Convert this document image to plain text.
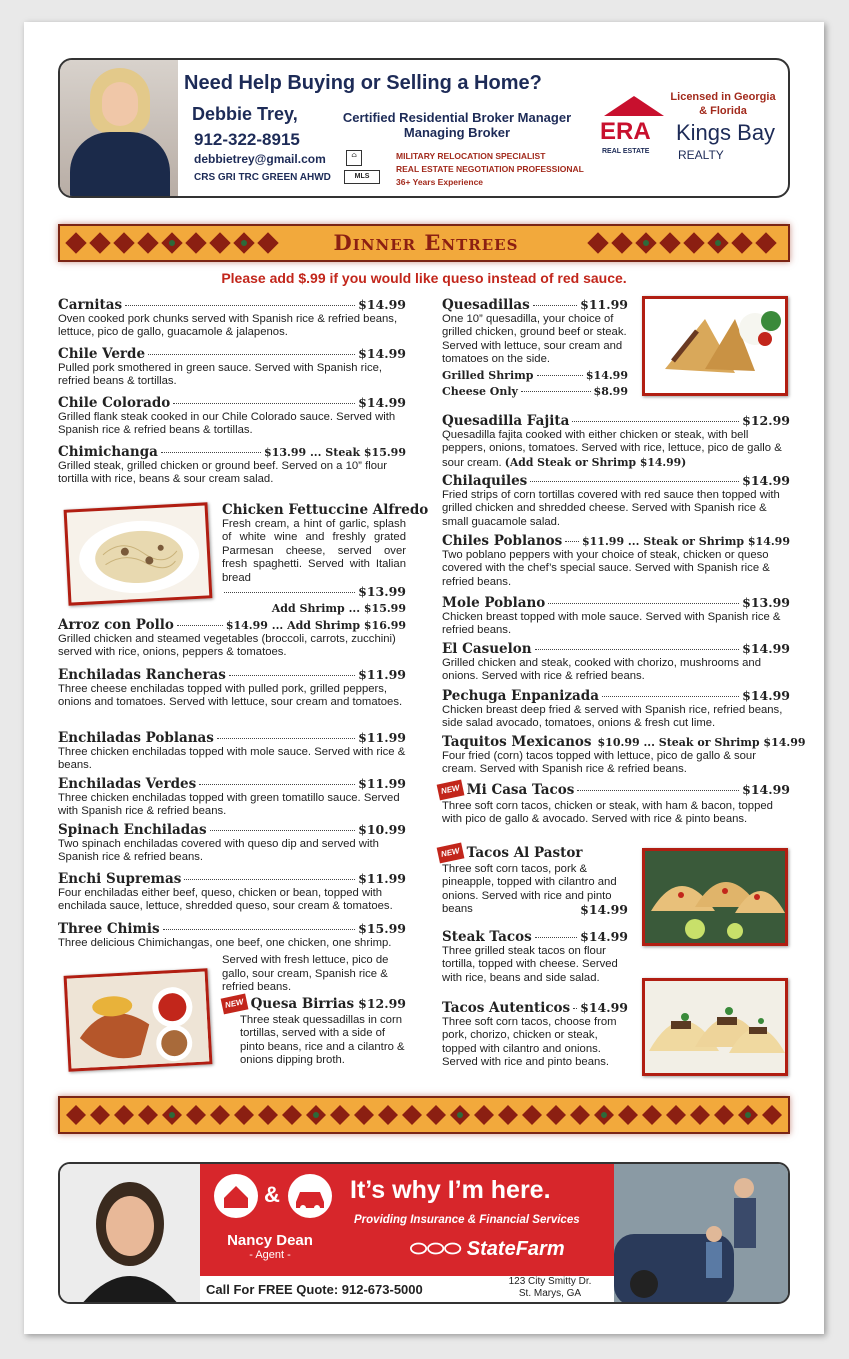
Need Help Buying or Selling a Home?
Debbie Trey,	Certified Residential Broker Manager
Managing Broker
912-322-8915
debbietrey@gmail.com
CRS GRI TRC GREEN AHWD
⌂
MLS
MILITARY RELOCATION SPECIALIST
REAL ESTATE NEGOTIATION PROFESSIONAL
36+ Years Experience
Licensed in Georgia
& Florida
ERA
REAL ESTATE
Kings Bay
REALTY
Dinner Entrees
Please add $.99 if you would like queso instead of red sauce.
Carnitas	$14.99
Oven cooked pork chunks served with Spanish rice & refried beans, lettuce, pico de gallo, guacamole & jalapenos.
Chile Verde	$14.99
Pulled pork smothered in green sauce. Served with Spanish rice, refried beans & tortillas.
Chile Colorado	$14.99
Grilled flank steak cooked in our Chile Colorado sauce. Served with Spanish rice & refried beans & tortillas.
Chimichanga	$13.99 ... Steak $15.99
Grilled steak, grilled chicken or ground beef. Served on a 10” flour tortilla with rice, beans & sour cream salad.
Chicken Fettuccine Alfredo
Fresh cream, a hint of garlic, splash of white wine and freshly grated Parmesan cheese, served over fresh spaghetti. Served with Italian bread
$13.99
Add Shrimp ... $15.99
Arroz con Pollo	$14.99 ... Add Shrimp $16.99
Grilled chicken and steamed vegetables (broccoli, carrots, zucchini) served with rice, onions, peppers & tomatoes.
Enchiladas Rancheras	$11.99
Three cheese enchiladas topped with pulled pork, grilled peppers, onions and tomatoes. Served with lettuce, sour cream and tomatoes.
Enchiladas Poblanas	$11.99
Three chicken enchiladas topped with mole sauce. Served with rice & beans.
Enchiladas Verdes	$11.99
Three chicken enchiladas topped with green tomatillo sauce. Served with Spanish rice & refried beans.
Spinach Enchiladas	$10.99
Two spinach enchiladas covered with queso dip and served with Spanish rice & refried beans.
Enchi Supremas	$11.99
Four enchiladas either beef, queso, chicken or bean, topped with enchilada sauce, lettuce, shredded queso, sour cream & tomatoes.
Three Chimis	$15.99
Three delicious Chimichangas, one beef, one chicken, one shrimp.
Served with fresh lettuce, pico de gallo, sour cream, Spanish rice & refried beans.
NEW Quesa Birrias $12.99
Three steak quessadillas in corn tortillas, served with a side of pinto beans, rice and a cilantro & onions dipping broth.
Quesadillas	$11.99
One 10” quesadilla, your choice of grilled chicken, ground beef or steak. Served with lettuce, sour cream and tomatoes on the side.
Grilled Shrimp	$14.99
Cheese Only	$8.99
Quesadilla Fajita	$12.99
Quesadilla fajita cooked with either chicken or steak, with bell peppers, onions, tomatoes. Served with rice, lettuce, pico de gallo & sour cream. (Add Steak or Shrimp $14.99)
Chilaquiles	$14.99
Fried strips of corn tortillas covered with red sauce then topped with grilled chicken and shredded cheese. Served with Spanish rice & small guacamole salad.
Chiles Poblanos $11.99 ... Steak or Shrimp $14.99
Two poblano peppers with your choice of steak, chicken or queso covered with the chef’s special sauce. Served with Spanish rice & refried beans.
Mole Poblano	$13.99
Chicken breast topped with mole sauce. Served with Spanish rice & refried beans.
El Casuelon	$14.99
Grilled chicken and steak, cooked with chorizo, mushrooms and onions. Served with rice & refried beans.
Pechuga Enpanizada	$14.99
Chicken breast deep fried & served with Spanish rice, refried beans, side salad avocado, tomatoes, onions & fresh cut lime.
Taquitos Mexicanos $10.99 ... Steak or Shrimp $14.99
Four fried (corn) tacos topped with lettuce, pico de gallo & sour cream. Served with Spanish rice & refried beans.
NEW Mi Casa Tacos	$14.99
Three soft corn tacos, chicken or steak, with ham & bacon, topped with pico de gallo & avocado. Served with rice & pinto beans.
NEW Tacos Al Pastor
Three soft corn tacos, pork & pineapple, topped with cilantro and onions. Served with rice and pinto beans	$14.99
Steak Tacos	$14.99
Three grilled steak tacos on flour tortilla, topped with cheese. Served with rice, beans and side salad.
Tacos Autenticos $14.99
Three soft corn tacos, choose from pork, chorizo, chicken or steak, topped with cilantro and onions. Served with rice and pinto beans.
&
Nancy Dean
- Agent -
It’s why I’m here.
Providing Insurance & Financial Services
⬭⬭⬭ StateFarm
Call For FREE Quote: 912-673-5000
123 City Smitty Dr.
St. Marys, GA
